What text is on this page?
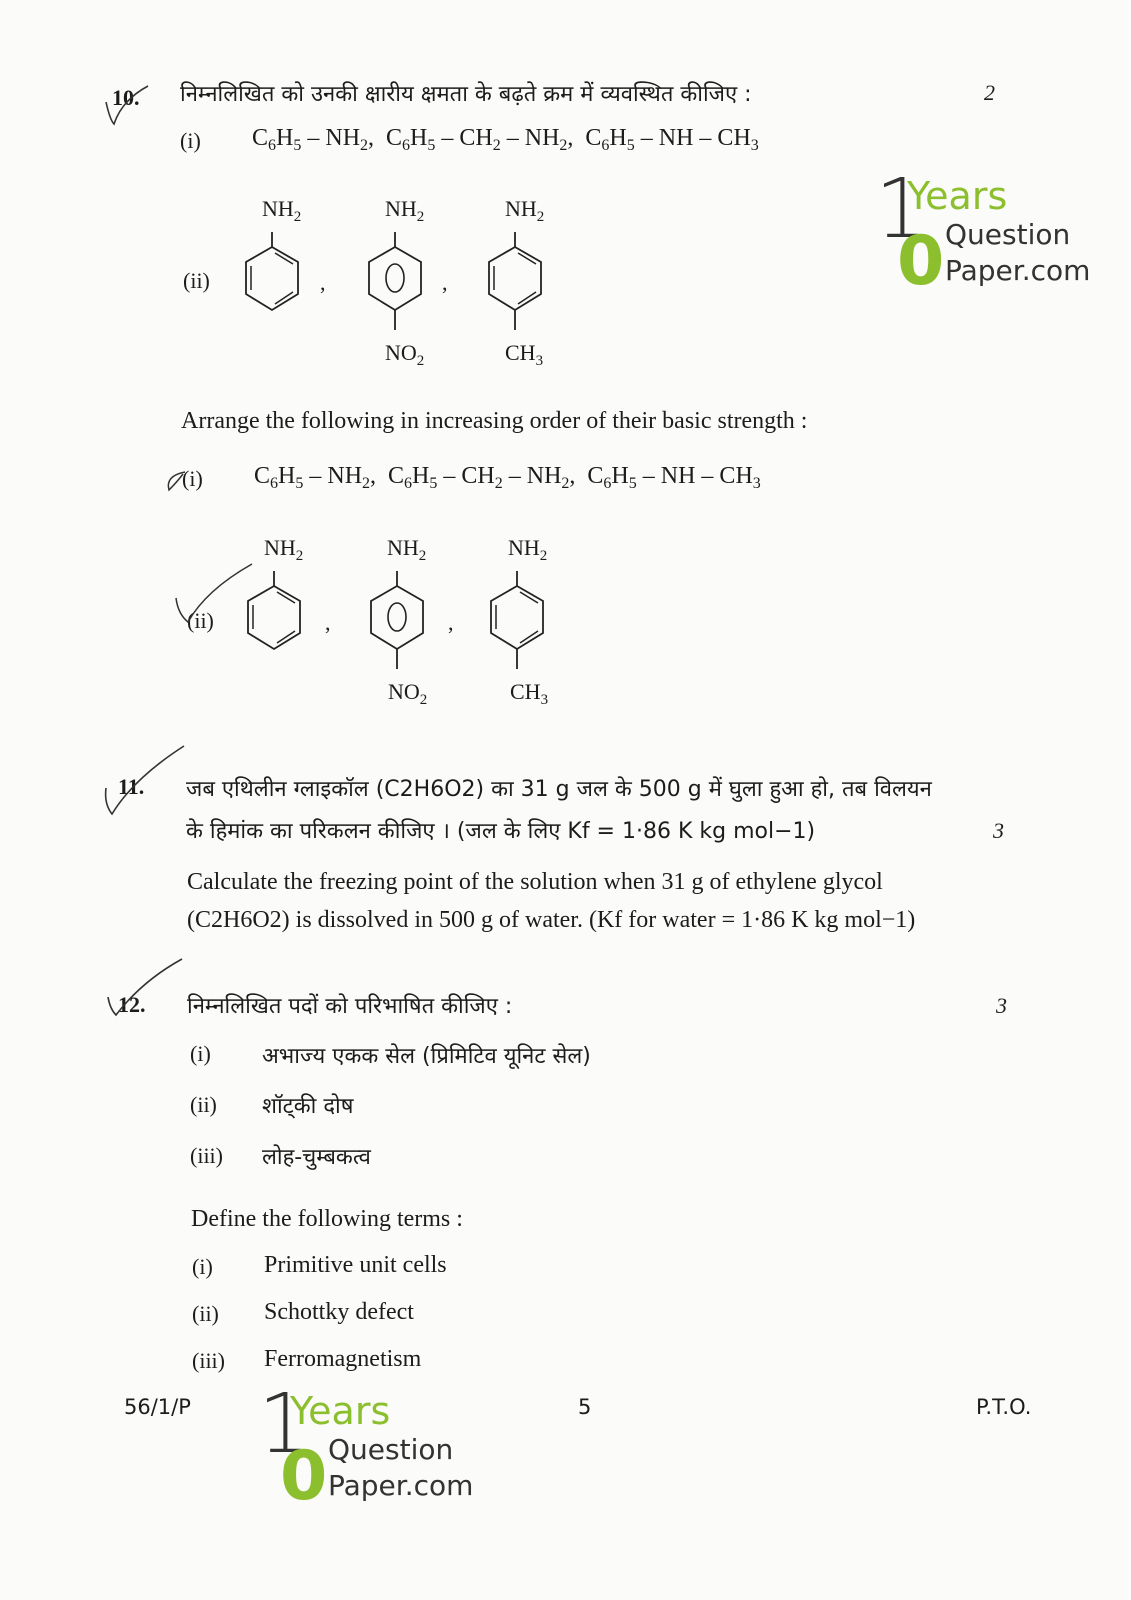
10. निम्नलिखित को उनकी क्षारीय क्षमता के बढ़ते क्रम में व्यवस्थित कीजिए :	2
(i) $C_6H_5 - NH_2$,  $C_6H_5 - CH_2 - NH_2$,  $C_6H_5$ – NH – $CH_3$
(ii)
$NH_2$	$NH_2$	$NH_2$
$NO_2$	$CH_3$
,	,
Arrange the following in increasing order of their basic strength :
(i) $C_6H_5 - NH_2$,  $C_6H_5 - CH_2 - NH_2$,  $C_6H_5$ – NH – $CH_3$
(ii)
$NH_2$	$NH_2$	$NH_2$
$NO_2$	$CH_3$
,	,
11. जब एथिलीन ग्लाइकॉल (C2H6O2) का 31 g जल के 500 g में घुला हुआ हो, तब विलयन
के हिमांक का परिकलन कीजिए । (जल के लिए Kf = 1·86 K kg mol−1)	3
Calculate the freezing point of the solution when 31 g of ethylene glycol
(C2H6O2) is dissolved in 500 g of water. (Kf for water = 1·86 K kg mol−1)
12. निम्नलिखित पदों को परिभाषित कीजिए :	3
(i) अभाज्य एकक सेल (प्रिमिटिव यूनिट सेल)
(ii) शॉट्की दोष
(iii) लोह-चुम्बकत्व
Define the following terms :
(i) Primitive unit cells
(ii) Schottky defect
(iii) Ferromagnetism
56/1/P	5	P.T.O.
1
0
Years
Question
Paper.com
1
0
Years
Question
Paper.com
